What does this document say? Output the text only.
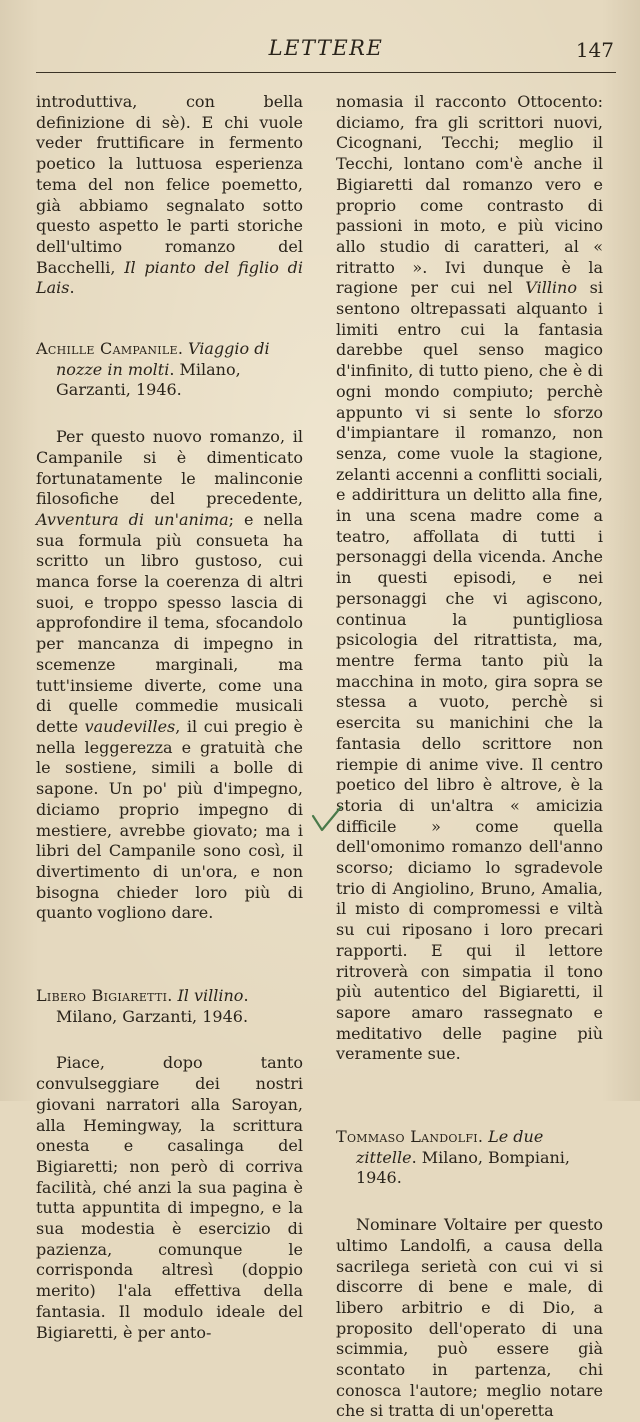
LETTERE	147

introduttiva, con bella definizione di sè). E chi vuole veder fruttificare in fermento poetico la luttuosa esperienza tema del non felice poemetto, già abbiamo segnalato sotto questo aspetto le parti storiche dell'ultimo romanzo del Bacchelli, Il pianto del figlio di Lais.

Achille Campanile. Viaggio di nozze in molti. Milano, Garzanti, 1946.

Per questo nuovo romanzo, il Campanile si è dimenticato fortunatamente le malinconie filosofiche del precedente, Avventura di un'anima; e nella sua formula più consueta ha scritto un libro gustoso, cui manca forse la coerenza di altri suoi, e troppo spesso lascia di approfondire il tema, sfocandolo per mancanza di impegno in scemenze marginali, ma tutt'insieme diverte, come una di quelle commedie musicali dette vaudevilles, il cui pregio è nella leggerezza e gratuità che le sostiene, simili a bolle di sapone. Un po' più d'impegno, diciamo proprio impegno di mestiere, avrebbe giovato; ma i libri del Campanile sono così, il divertimento di un'ora, e non bisogna chieder loro più di quanto vogliono dare.

Libero Bigiaretti. Il villino. Milano, Garzanti, 1946.

Piace, dopo tanto convulseggiare dei nostri giovani narratori alla Saroyan, alla Hemingway, la scrittura onesta e casalinga del Bigiaretti; non però di corriva facilità, ché anzi la sua pagina è tutta appuntita di impegno, e la sua modestia è esercizio di pazienza, comunque le corrisponda altresì (doppio merito) l'ala effettiva della fantasia. Il modulo ideale del Bigiaretti, è per anto-

nomasia il racconto Ottocento: diciamo, fra gli scrittori nuovi, Cicognani, Tecchi; meglio il Tecchi, lontano com'è anche il Bigiaretti dal romanzo vero e proprio come contrasto di passioni in moto, e più vicino allo studio di caratteri, al « ritratto ». Ivi dunque è la ragione per cui nel Villino si sentono oltrepassati alquanto i limiti entro cui la fantasia darebbe quel senso magico d'infinito, di tutto pieno, che è di ogni mondo compiuto; perchè appunto vi si sente lo sforzo d'impiantare il romanzo, non senza, come vuole la stagione, zelanti accenni a conflitti sociali, e addirittura un delitto alla fine, in una scena madre come a teatro, affollata di tutti i personaggi della vicenda. Anche in questi episodi, e nei personaggi che vi agiscono, continua la puntigliosa psicologia del ritrattista, ma, mentre ferma tanto più la macchina in moto, gira sopra se stessa a vuoto, perchè si esercita su manichini che la fantasia dello scrittore non riempie di anime vive. Il centro poetico del libro è altrove, è la storia di un'altra « amicizia difficile » come quella dell'omonimo romanzo dell'anno scorso; diciamo lo sgradevole trio di Angiolino, Bruno, Amalia, il misto di compromessi e viltà su cui riposano i loro precari rapporti. E qui il lettore ritroverà con simpatia il tono più autentico del Bigiaretti, il sapore amaro rassegnato e meditativo delle pagine più veramente sue.

Tommaso Landolfi. Le due zittelle. Milano, Bompiani, 1946.

Nominare Voltaire per questo ultimo Landolfi, a causa della sacrilega serietà con cui vi si discorre di bene e male, di libero arbitrio e di Dio, a proposito dell'operato di una scimmia, può essere già scontato in partenza, chi conosca l'autore; meglio notare che si tratta di un'operetta
